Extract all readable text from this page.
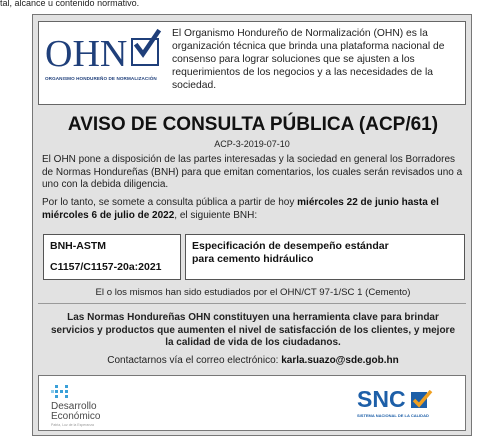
tal, alcance u contenido normativo.
OHN
ORGANISMO HONDUREÑO DE NORMALIZACIÓN
El Organismo Hondureño de Normalización (OHN) es la organización técnica que brinda una plataforma nacional de consenso para lograr soluciones que se ajusten a los requerimientos de los negocios y a las necesidades de la sociedad.
AVISO DE CONSULTA PÚBLICA (ACP/61)
ACP-3-2019-07-10

El OHN pone a disposición de las partes interesadas y la sociedad en general los Borradores de Normas Hondureñas (BNH) para que emitan comentarios, los cuales serán revisados uno a uno con la debida diligencia.

Por lo tanto, se somete a consulta pública a partir de hoy miércoles 22 de junio hasta el miércoles 6 de julio de 2022, el siguiente BNH:

BNH-ASTM
C1157/C1157-20a:2021
Especificación de desempeño estándar para cemento hidráulico
El o los mismos han sido estudiados por el OHN/CT 97-1/SC 1 (Cemento)
Las Normas Hondureñas OHN constituyen una herramienta clave para brindar servicios y productos que aumenten el nivel de satisfacción de los clientes, y mejore la calidad de vida de los ciudadanos.
Contactarnos vía el correo electrónico: karla.suazo@sde.gob.hn
Desarrollo
Económico
Patria, Luz de la Esperanza
SNC
SISTEMA NACIONAL DE LA CALIDAD
